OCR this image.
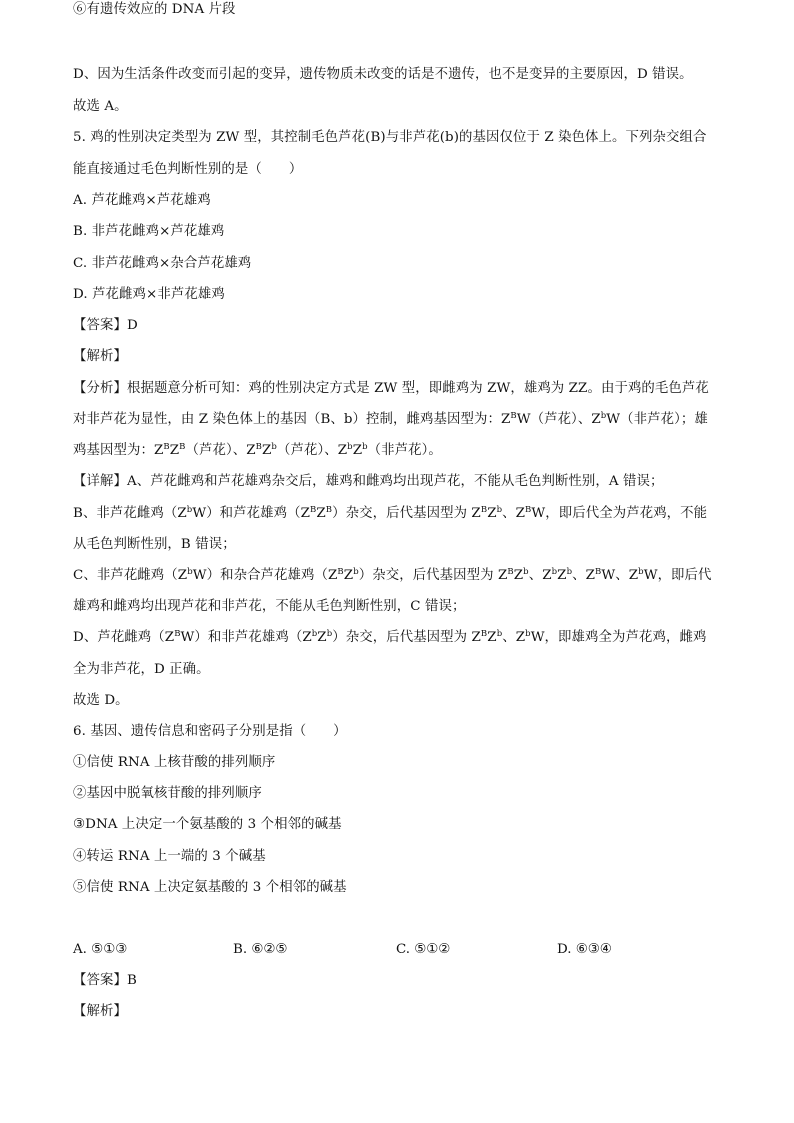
D、因为生活条件改变而引起的变异，遗传物质未改变的话是不遗传，也不是变异的主要原因，D 错误。
故选 A。
5. 鸡的性别决定类型为 ZW 型，其控制毛色芦花(B)与非芦花(b)的基因仅位于 Z 染色体上。下列杂交组合
能直接通过毛色判断性别的是（　　）
A. 芦花雌鸡×芦花雄鸡
B. 非芦花雌鸡×芦花雄鸡
C. 非芦花雌鸡×杂合芦花雄鸡
D. 芦花雌鸡×非芦花雄鸡
【答案】D
【解析】
【分析】根据题意分析可知：鸡的性别决定方式是 ZW 型，即雌鸡为 ZW，雄鸡为 ZZ。由于鸡的毛色芦花
对非芦花为显性，由 Z 染色体上的基因（B、b）控制，雌鸡基因型为：$Z^BW$（芦花）、$Z^bW$（非芦花）；雄
鸡基因型为：$Z^BZ^B$（芦花）、$Z^BZ^b$（芦花）、$Z^bZ^b$（非芦花）。
【详解】A、芦花雌鸡和芦花雄鸡杂交后，雄鸡和雌鸡均出现芦花，不能从毛色判断性别，A 错误；
B、非芦花雌鸡$(Z^bW)$和芦花雄鸡$(Z^BZ^B)$杂交，后代基因型为 $Z^BZ^b$、$Z^BW$，即后代全为芦花鸡，不能
从毛色判断性别，B 错误；
C、非芦花雌鸡$(Z^bW)$和杂合芦花雄鸡$(Z^BZ^b)$杂交，后代基因型为 $Z^BZ^b$、$Z^bZ^b$、$Z^BW$、$Z^bW$，即后代
雄鸡和雌鸡均出现芦花和非芦花，不能从毛色判断性别，C 错误；
D、芦花雌鸡$(Z^BW)$和非芦花雄鸡$(Z^bZ^b)$杂交，后代基因型为 $Z^BZ^b$、$Z^bW$，即雄鸡全为芦花鸡，雌鸡
全为非芦花，D 正确。
故选 D。
6. 基因、遗传信息和密码子分别是指（　　）
①信使 RNA 上核苷酸的排列顺序
②基因中脱氧核苷酸的排列顺序
③DNA 上决定一个氨基酸的 3 个相邻的碱基
④转运 RNA 上一端的 3 个碱基
⑤信使 RNA 上决定氨基酸的 3 个相邻的碱基
⑥有遗传效应的 DNA 片段
A. ⑤①③	B. ⑥②⑤	C. ⑤①②	D. ⑥③④
【答案】B
【解析】
